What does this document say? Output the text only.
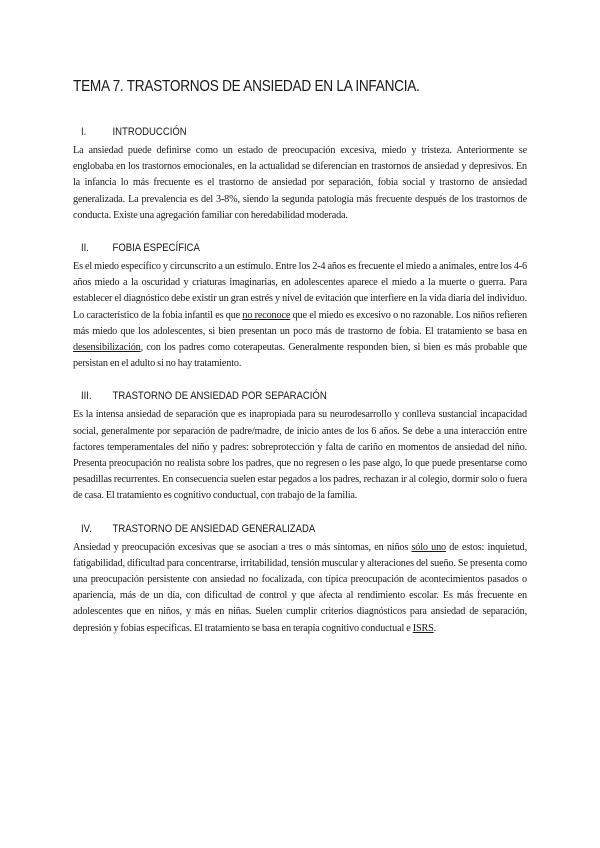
TEMA 7. TRASTORNOS DE ANSIEDAD EN LA INFANCIA.
I.	INTRODUCCIÓN

La ansiedad puede definirse como un estado de preocupación excesiva, miedo y tristeza. Anteriormente se englobaba en los trastornos emocionales, en la actualidad se diferencian en trastornos de ansiedad y depresivos. En la infancia lo más frecuente es el trastorno de ansiedad por separación, fobia social y trastorno de ansiedad generalizada. La prevalencia es del 3-8%, siendo la segunda patología más frecuente después de los trastornos de conducta. Existe una agregación familiar con heredabilidad moderada.

II.	FOBIA ESPECÍFICA

Es el miedo específico y circunscrito a un estímulo. Entre los 2-4 años es frecuente el miedo a animales, entre los 4-6 años miedo a la oscuridad y criaturas imaginarias, en adolescentes aparece el miedo a la muerte o guerra. Para establecer el diagnóstico debe existir un gran estrés y nivel de evitación que interfiere en la vida diaria del individuo. Lo característico de la fobia infantil es que no reconoce que el miedo es excesivo o no razonable. Los niños refieren más miedo que los adolescentes, si bien presentan un poco más de trastorno de fobia. El tratamiento se basa en desensibilización, con los padres como coterapeutas. Generalmente responden bien, si bien es más probable que persistan en el adulto si no hay tratamiento.

III.	TRASTORNO DE ANSIEDAD POR SEPARACIÓN

Es la intensa ansiedad de separación que es inapropiada para su neurodesarrollo y conlleva sustancial incapacidad social, generalmente por separación de padre/madre, de inicio antes de los 6 años. Se debe a una interacción entre factores temperamentales del niño y padres: sobreprotección y falta de cariño en momentos de ansiedad del niño. Presenta preocupación no realista sobre los padres, que no regresen o les pase algo, lo que puede presentarse como pesadillas recurrentes. En consecuencia suelen estar pegados a los padres, rechazan ir al colegio, dormir solo o fuera de casa. El tratamiento es cognitivo conductual, con trabajo de la familia.

IV.	TRASTORNO DE ANSIEDAD GENERALIZADA

Ansiedad y preocupación excesivas que se asocian a tres o más síntomas, en niños sólo uno de estos: inquietud, fatigabilidad, dificultad para concentrarse, irritabilidad, tensión muscular y alteraciones del sueño. Se presenta como una preocupación persistente con ansiedad no focalizada, con típica preocupación de acontecimientos pasados o apariencia, más de un día, con dificultad de control y que afecta al rendimiento escolar. Es más frecuente en adolescentes que en niños, y más en niñas. Suelen cumplir criterios diagnósticos para ansiedad de separación, depresión y fobias específicas. El tratamiento se basa en terapia cognitivo conductual e ISRS.
